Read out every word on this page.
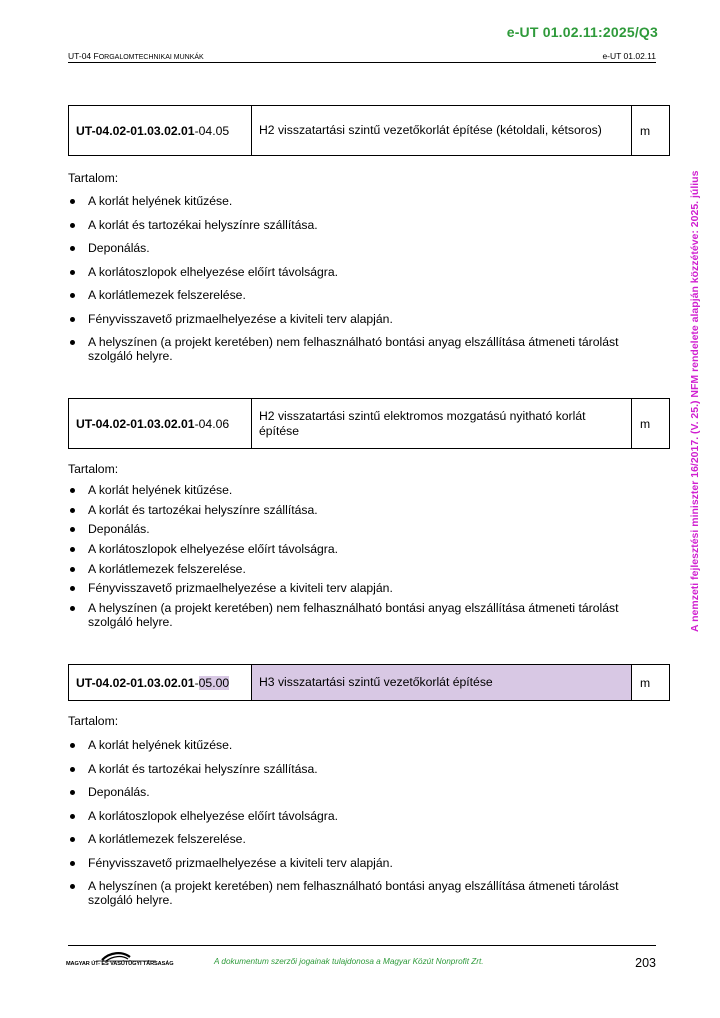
e-UT 01.02.11:2025/Q3
UT-04 FORGALOMTECHNIKAI MUNKÁK	e-UT 01.02.11
A nemzeti fejlesztési miniszter 16/2017. (V. 25.) NFM rendelete alapján közzétéve: 2025. július
UT-04.02-01.03.02.01-04.05	H2 visszatartási szintű vezetőkorlát építése (kétoldali, kétsoros)	m
Tartalom:
A korlát helyének kitűzése.
A korlát és tartozékai helyszínre szállítása.
Deponálás.
A korlátoszlopok elhelyezése előírt távolságra.
A korlátlemezek felszerelése.
Fényvisszavető prizmaelhelyezése a kiviteli terv alapján.
A helyszínen (a projekt keretében) nem felhasználható bontási anyag elszállítása átmeneti tárolást szolgáló helyre.
UT-04.02-01.03.02.01-04.06	H2 visszatartási szintű elektromos mozgatású nyitható korlát építése	m
Tartalom:
A korlát helyének kitűzése.
A korlát és tartozékai helyszínre szállítása.
Deponálás.
A korlátoszlopok elhelyezése előírt távolságra.
A korlátlemezek felszerelése.
Fényvisszavető prizmaelhelyezése a kiviteli terv alapján.
A helyszínen (a projekt keretében) nem felhasználható bontási anyag elszállítása átmeneti tárolást szolgáló helyre.
UT-04.02-01.03.02.01-05.00	H3 visszatartási szintű vezetőkorlát építése	m
Tartalom:
A korlát helyének kitűzése.
A korlát és tartozékai helyszínre szállítása.
Deponálás.
A korlátoszlopok elhelyezése előírt távolságra.
A korlátlemezek felszerelése.
Fényvisszavető prizmaelhelyezése a kiviteli terv alapján.
A helyszínen (a projekt keretében) nem felhasználható bontási anyag elszállítása átmeneti tárolást szolgáló helyre.
MAGYAR ÚT- ÉS VASÚTÜGYI TÁRSASÁG	A dokumentum szerzői jogainak tulajdonosa a Magyar Közút Nonprofit Zrt.	203
